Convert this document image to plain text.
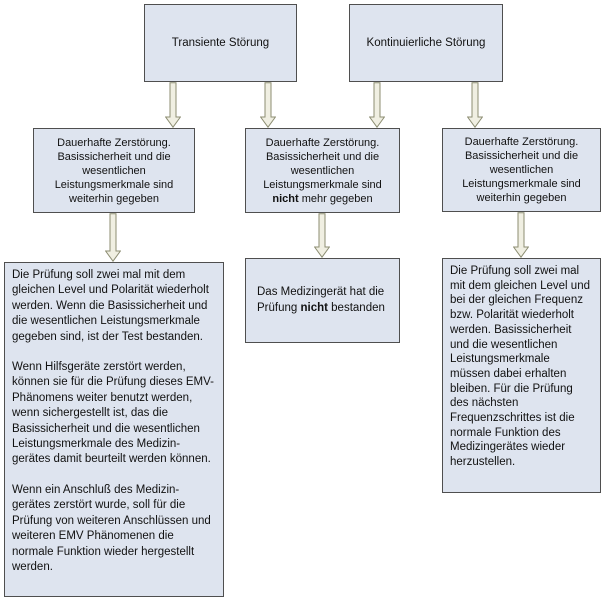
Transiente Störung	Kontinuierliche Störung
Dauerhafte Zerstörung. Basissicherheit und die wesentlichen Leistungsmerkmale sind weiterhin gegeben
Dauerhafte Zerstörung. Basissicherheit und die wesentlichen Leistungsmerkmale sind nicht mehr gegeben
Dauerhafte Zerstörung. Basissicherheit und die wesentlichen Leistungsmerkmale sind weiterhin gegeben

Die Prüfung soll zwei mal mit dem gleichen Level und Polarität wiederholt werden. Wenn die Basissicherheit und die wesentlichen Leistungsmerkmale gegeben sind, ist der Test bestanden.

Wenn Hilfsgeräte zerstört werden, können sie für die Prüfung dieses EMV-Phänomens weiter benutzt werden, wenn sichergestellt ist, das die Basissicherheit und die wesentlichen Leistungsmerkmale des Medizin-gerätes damit beurteilt werden können.

Wenn ein Anschluß des Medizin-gerätes zerstört wurde, soll für die Prüfung von weiteren Anschlüssen und weiteren EMV Phänomenen die normale Funktion wieder hergestellt werden.

Das Medizingerät hat die Prüfung nicht bestanden
Die Prüfung soll zwei mal mit dem gleichen Level und bei der gleichen Frequenz bzw. Polarität wiederholt werden. Basissicherheit und die wesentlichen Leistungsmerkmale müssen dabei erhalten bleiben. Für die Prüfung des nächsten Frequenzschrittes ist die normale Funktion des Medizingerätes wieder herzustellen.
